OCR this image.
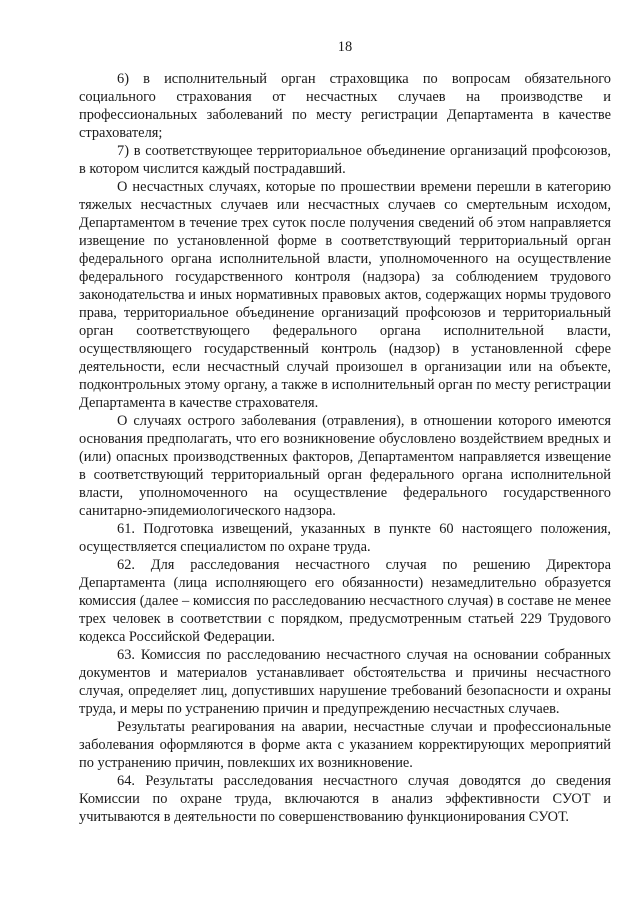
18

6) в исполнительный орган страховщика по вопросам обязательного социального страхования от несчастных случаев на производстве и профессиональных заболеваний по месту регистрации Департамента в качестве страхователя;

7) в соответствующее территориальное объединение организаций профсоюзов, в котором числится каждый пострадавший.

О несчастных случаях, которые по прошествии времени перешли в категорию тяжелых несчастных случаев или несчастных случаев со смертельным исходом, Департаментом в течение трех суток после получения сведений об этом направляется извещение по установленной форме в соответствующий территориальный орган федерального органа исполнительной власти, уполномоченного на осуществление федерального государственного контроля (надзора) за соблюдением трудового законодательства и иных нормативных правовых актов, содержащих нормы трудового права, территориальное объединение организаций профсоюзов и территориальный орган соответствующего федерального органа исполнительной власти, осуществляющего государственный контроль (надзор) в установленной сфере деятельности, если несчастный случай произошел в организации или на объекте, подконтрольных этому органу, а также в исполнительный орган по месту регистрации Департамента в качестве страхователя.

О случаях острого заболевания (отравления), в отношении которого имеются основания предполагать, что его возникновение обусловлено воздействием вредных и (или) опасных производственных факторов, Департаментом направляется извещение в соответствующий территориальный орган федерального органа исполнительной власти, уполномоченного на осуществление федерального государственного санитарно-эпидемиологического надзора.

61. Подготовка извещений, указанных в пункте 60 настоящего положения, осуществляется специалистом по охране труда.

62. Для расследования несчастного случая по решению Директора Департамента (лица исполняющего его обязанности) незамедлительно образуется комиссия (далее – комиссия по расследованию несчастного случая) в составе не менее трех человек в соответствии с порядком, предусмотренным статьей 229 Трудового кодекса Российской Федерации.

63. Комиссия по расследованию несчастного случая на основании собранных документов и материалов устанавливает обстоятельства и причины несчастного случая, определяет лиц, допустивших нарушение требований безопасности и охраны труда, и меры по устранению причин и предупреждению несчастных случаев.

Результаты реагирования на аварии, несчастные случаи и профессиональные заболевания оформляются в форме акта с указанием корректирующих мероприятий по устранению причин, повлекших их возникновение.

64. Результаты расследования несчастного случая доводятся до сведения Комиссии по охране труда, включаются в анализ эффективности СУОТ и учитываются в деятельности по совершенствованию функционирования СУОТ.
